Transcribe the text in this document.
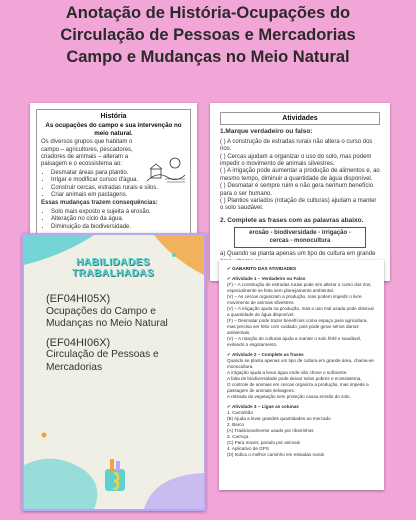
Anotação de História-Ocupações do
Circulação de Pessoas e Mercadorias
Campo e Mudanças no Meio Natural
História
As ocupações do campo e sua intervenção no meio natural.
Os diversos grupos que habitam o campo – agricultores, pescadores, criadores de animais – alteram a paisagem e o ecossistema ao:
• Desmatar áreas para plantio.
• Irrigar e modificar cursos d'água.
• Construir cercas, estradas rurais e silos.
• Criar animais em pastagens.
Essas mudanças trazem consequências:
• Solo mais exposto e sujeita à erosão.
• Alteração no ciclo da água.
• Diminuição da biodiversidade.
Atividades
1.Marque verdadeiro ou falso:
( ) A construção de estradas rurais não altera o curso dos rios.
( ) Cercas ajudam a organizar o uso do solo, mas podem impedir o movimento de animais silvestres.
( ) A irrigação pode aumentar a produção de alimentos e, ao mesmo tempo, diminuir a quantidade de água disponível.
( ) Desmatar é sempre ruim e não gera nenhum benefício para o ser humano.
( ) Plantios variados (rotação de culturas) ajudam a manter o solo saudável.
2. Complete as frases com as palavras abaixo.
erosão - biodiversidade - irrigação - cercas - monocultura
a) Quando se planta apenas um tipo de cultura em grande
HABILIDADES
TRABALHADAS
(EF04HI05X)
Ocupações do Campo e Mudanças no Meio Natural
(EF04HI06X)
Circulação de Pessoas e Mercadorias
✔ GABARITO DAS ATIVIDADES
✔ Atividade 1 – Verdadeiro ou Falso
(F) – A construção de estradas rurais pode sim alterar o curso dos rios, especialmente se feita sem planejamento ambiental.
(V) – As cercas organizam a produção, mas podem impedir o livre movimento de animais silvestres.
(V) – A irrigação ajuda na produção, mas o uso mal usada pode diminuir a quantidade de água disponível.
(F) – Desmatar pode trazer benefícios como espaço para agricultura, mas precisa ser feito com cuidado, pois pode gerar sérios danos ambientais.
(V) – A rotação de culturas ajuda a manter o solo fértil e saudável, evitando o esgotamento.
✔ Atividade 2 – Complete as frases
Quando se planta apenas um tipo de cultura em grande área, chama-se monocultura.
A irrigação ajuda a levar água onde não chove o suficiente.
A falta de biodiversidade pode deixar solos pobres e ecossistema.
O controle de animais em cercas organiza a produção, mas impede a passagem de animais selvagens.
A retirada da vegetação sem proteção causa erosão do solo.
✔ Atividade 3 – Ligue as colunas
1. Caminhão
(B) Ajuda a levar grandes quantidades ao mercado
2. Barco
(A) Tradicionalmente usado por ribeirinhos
3. Carroça
(C) Para mover, parado por animais
4. Aplicativo de GPS
(D) Indica o melhor caminho em estradas rurais
